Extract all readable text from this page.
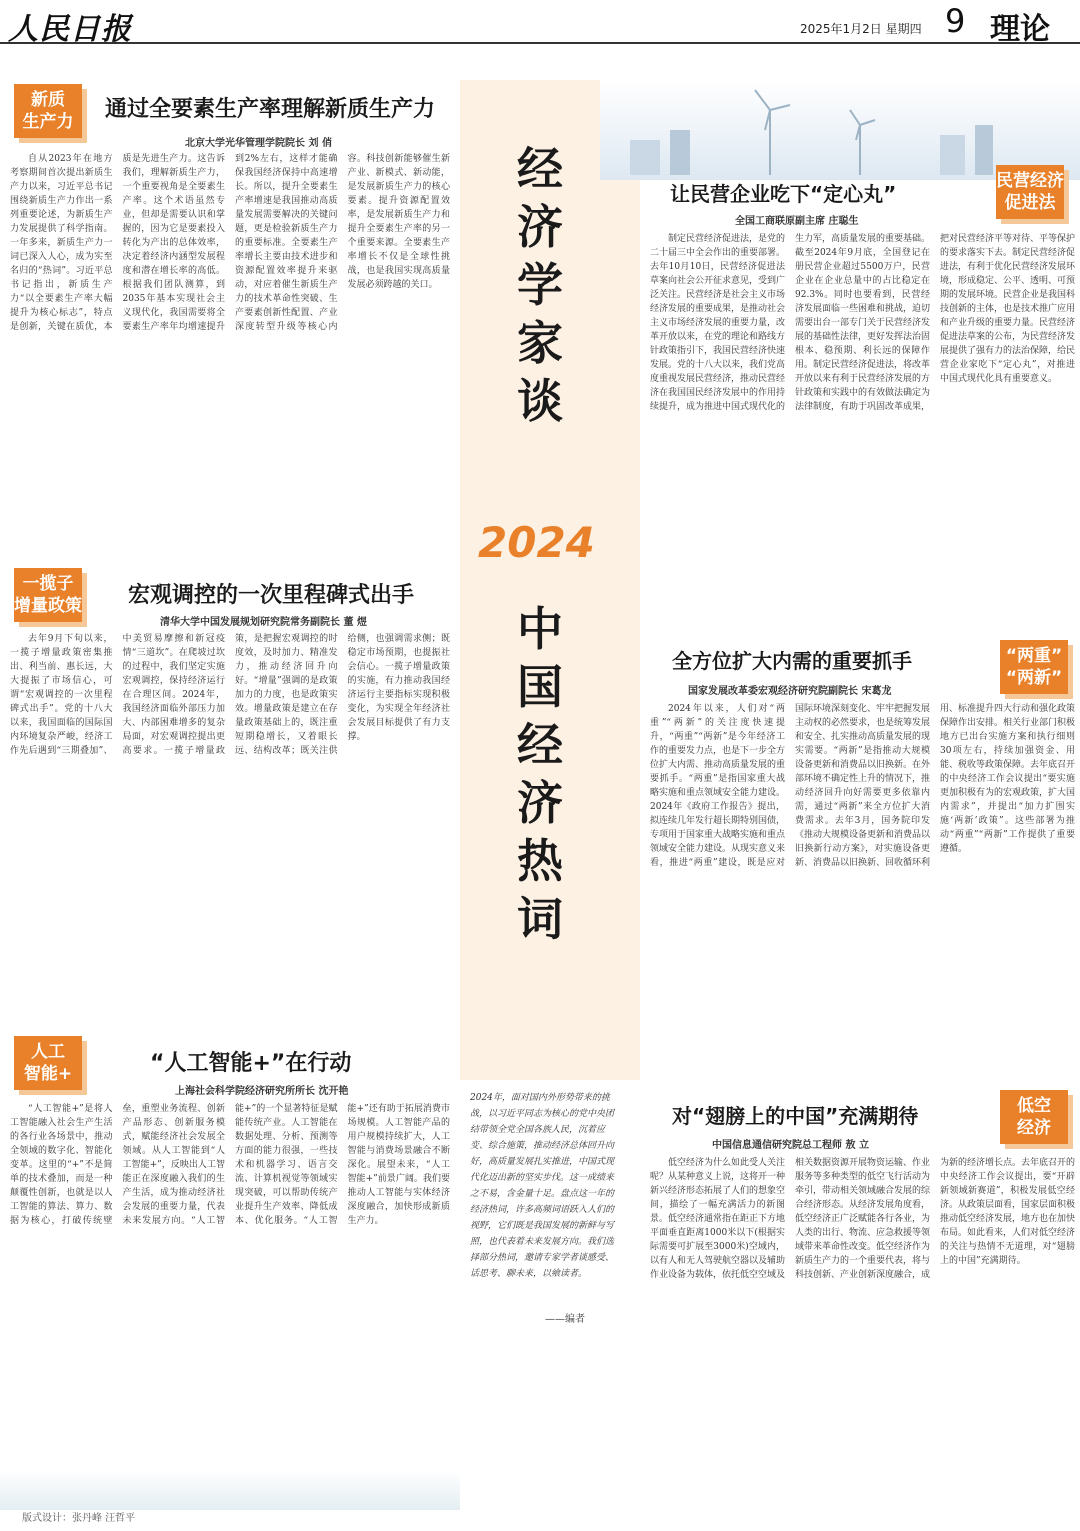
人民日报	2025年1月2日 星期四 9 理论
经
济
学
家
谈
2024
中
国
经
济
热
词
2024年，面对国内外形势带来的挑战，以习近平同志为核心的党中央团结带领全党全国各族人民，沉着应变、综合施策，推动经济总体回升向好，高质量发展扎实推进，中国式现代化迈出新的坚实步伐。这一成绩来之不易，含金量十足。盘点这一年的经济热词，许多高频词语跃入人们的视野，它们既是我国发展的新鲜与写照，也代表着未来发展方向。我们选择部分热词，邀请专家学者谈感受、话思考、聊未来，以飨读者。
——编者
新质
生产力	通过全要素生产率理解新质生产力
北京大学光华管理学院院长 刘 俏

自从2023年在地方考察期间首次提出新质生产力以来，习近平总书记围绕新质生产力作出一系列重要论述，为新质生产力发展提供了科学指南。一年多来，新质生产力一词已深入人心，成为实至名归的“热词”。习近平总书记指出，新质生产力“以全要素生产率大幅提升为核心标志”，特点是创新，关键在质优，本质是先进生产力。这告诉我们，理解新质生产力，一个重要视角是全要素生产率。这个术语虽然专业，但却是需要认识和掌握的，因为它是要素投入转化为产出的总体效率，决定着经济内涵型发展程度和潜在增长率的高低。根据我们团队测算，到2035年基本实现社会主义现代化，我国需要将全要素生产率年均增速提升到2%左右，这样才能确保我国经济保持中高速增长。所以，提升全要素生产率增速是我国推动高质量发展需要解决的关键问题，更是检验新质生产力的重要标准。全要素生产率增长主要由技术进步和资源配置效率提升来驱动，对应着催生新质生产力的技术革命性突破、生产要素创新性配置、产业深度转型升级等核心内容。科技创新能够催生新产业、新模式、新动能，是发展新质生产力的核心要素。提升资源配置效率，是发展新质生产力和提升全要素生产率的另一个重要来源。全要素生产率增长不仅是全球性挑战，也是我国实现高质量发展必须跨越的关口。

一揽子
增量政策 宏观调控的一次里程碑式出手
清华大学中国发展规划研究院常务副院长 董 煜

去年9月下旬以来，一揽子增量政策密集推出、利当前、惠长远，大大提振了市场信心，可谓“宏观调控的一次里程碑式出手”。党的十八大以来，我国面临的国际国内环境复杂严峻，经济工作先后遇到“三期叠加”、中美贸易摩擦和新冠疫情“三道坎”。在爬坡过坎的过程中，我们坚定实施宏观调控，保持经济运行在合理区间。2024年，我国经济面临外部压力加大、内部困难增多的复杂局面，对宏观调控提出更高要求。一揽子增量政策，是把握宏观调控的时度效，及时加力、精准发力，推动经济回升向好。“增量”强调的是政策加力的力度，也是政策实效。增量政策是建立在存量政策基础上的，既注重短期稳增长，又着眼长远、结构改革；既关注供给侧，也强调需求侧；既稳定市场预期，也提振社会信心。一揽子增量政策的实施，有力推动我国经济运行主要指标实现积极变化，为实现全年经济社会发展目标提供了有力支撑。

人工
智能+	“人工智能+”在行动
上海社会科学院经济研究所所长 沈开艳

“人工智能+”是将人工智能融入社会生产生活的各行业各场景中，推动全领域的数字化、智能化变革。这里的“+”不是简单的技术叠加，而是一种颠覆性创新，也就是以人工智能的算法、算力、数据为核心，打破传统壁垒，重塑业务流程、创新产品形态、创新服务模式，赋能经济社会发展全领域。从人工智能到“人工智能+”，反映出人工智能正在深度融入我们的生产生活，成为推动经济社会发展的重要力量，代表未来发展方向。“人工智能+”的一个显著特征是赋能传统产业。人工智能在数据处理、分析、预测等方面的能力很强，一些技术和机器学习、语言交流、计算机视觉等领域实现突破，可以帮助传统产业提升生产效率、降低成本、优化服务。“人工智能+”还有助于拓展消费市场规模。人工智能产品的用户规模持续扩大，人工智能与消费场景融合不断深化。展望未来，“人工智能+”前景广阔。我们要推动人工智能与实体经济深度融合，加快形成新质生产力。

民营经济
促进法
让民营企业吃下“定心丸”
全国工商联原副主席 庄聪生

制定民营经济促进法，是党的二十届三中全会作出的重要部署。去年10月10日，民营经济促进法草案向社会公开征求意见，受到广泛关注。民营经济是社会主义市场经济发展的重要成果，是推动社会主义市场经济发展的重要力量，改革开放以来，在党的理论和路线方针政策指引下，我国民营经济快速发展。党的十八大以来，我们党高度重视发展民营经济，推动民营经济在我国国民经济发展中的作用持续提升，成为推进中国式现代化的生力军，高质量发展的重要基础。截至2024年9月底，全国登记在册民营企业超过5500万户，民营企业在企业总量中的占比稳定在92.3%。同时也要看到，民营经济发展面临一些困难和挑战，迫切需要出台一部专门关于民营经济发展的基础性法律，更好发挥法治固根本、稳预期、利长远的保障作用。制定民营经济促进法，将改革开放以来有利于民营经济发展的方针政策和实践中的有效做法确定为法律制度，有助于巩固改革成果，把对民营经济平等对待、平等保护的要求落实下去。制定民营经济促进法，有利于优化民营经济发展环境，形成稳定、公平、透明、可预期的发展环境。民营企业是我国科技创新的主体，也是技术推广应用和产业升级的重要力量。民营经济促进法草案的公布，为民营经济发展提供了强有力的法治保障，给民营企业家吃下“定心丸”，对推进中国式现代化具有重要意义。

“两重”
“两新”
全方位扩大内需的重要抓手
国家发展改革委宏观经济研究院副院长 宋葛龙

2024年以来，人们对“两重”“两新”的关注度快速提升，“两重”“两新”是今年经济工作的重要发力点，也是下一步全方位扩大内需、推动高质量发展的重要抓手。“两重”是指国家重大战略实施和重点领域安全能力建设。2024年《政府工作报告》提出，拟连续几年发行超长期特别国债，专项用于国家重大战略实施和重点领域安全能力建设。从现实意义来看，推进“两重”建设，既是应对国际环境深刻变化、牢牢把握发展主动权的必然要求，也是统筹发展和安全、扎实推动高质量发展的现实需要。“两新”是指推动大规模设备更新和消费品以旧换新。在外部环境不确定性上升的情况下，推动经济回升向好需要更多依靠内需，通过“两新”来全方位扩大消费需求。去年3月，国务院印发《推动大规模设备更新和消费品以旧换新行动方案》，对实施设备更新、消费品以旧换新、回收循环利用、标准提升四大行动和强化政策保障作出安排。相关行业部门积极地方已出台实施方案和执行细则30项左右，持续加强资金、用能、税收等政策保障。去年底召开的中央经济工作会议提出“要实施更加积极有为的宏观政策，扩大国内需求”，并提出“加力扩围实施‘两新’政策”。这些部署为推动“两重”“两新”工作提供了重要遵循。

低空
经济
对“翅膀上的中国”充满期待
中国信息通信研究院总工程师 敖 立

低空经济为什么如此受人关注呢？从某种意义上说，这将开一种新兴经济形态拓展了人们的想象空间，描绘了一幅充满活力的新图景。低空经济通常指在距正下方地平面垂直距离1000米以下(根据实际需要可扩展至3000米)空域内，以有人和无人驾驶航空器以及辅助作业设备为载体，依托低空空域及相关数据资源开展物资运输、作业服务等多种类型的低空飞行活动为牵引，带动相关领域融合发展的综合经济形态。从经济发展角度看，低空经济正广泛赋能各行各业，为人类的出行、物流、应急救援等领域带来革命性改变。低空经济作为新质生产力的一个重要代表，将与科技创新、产业创新深度融合，成为新的经济增长点。去年底召开的中央经济工作会议提出，要“开辟新领域新赛道”，积极发展低空经济。从政策层面看，国家层面积极推动低空经济发展，地方也在加快布局。如此看来，人们对低空经济的关注与热情不无道理，对“翅膀上的中国”充满期待。

版式设计：张丹峰 汪哲平
